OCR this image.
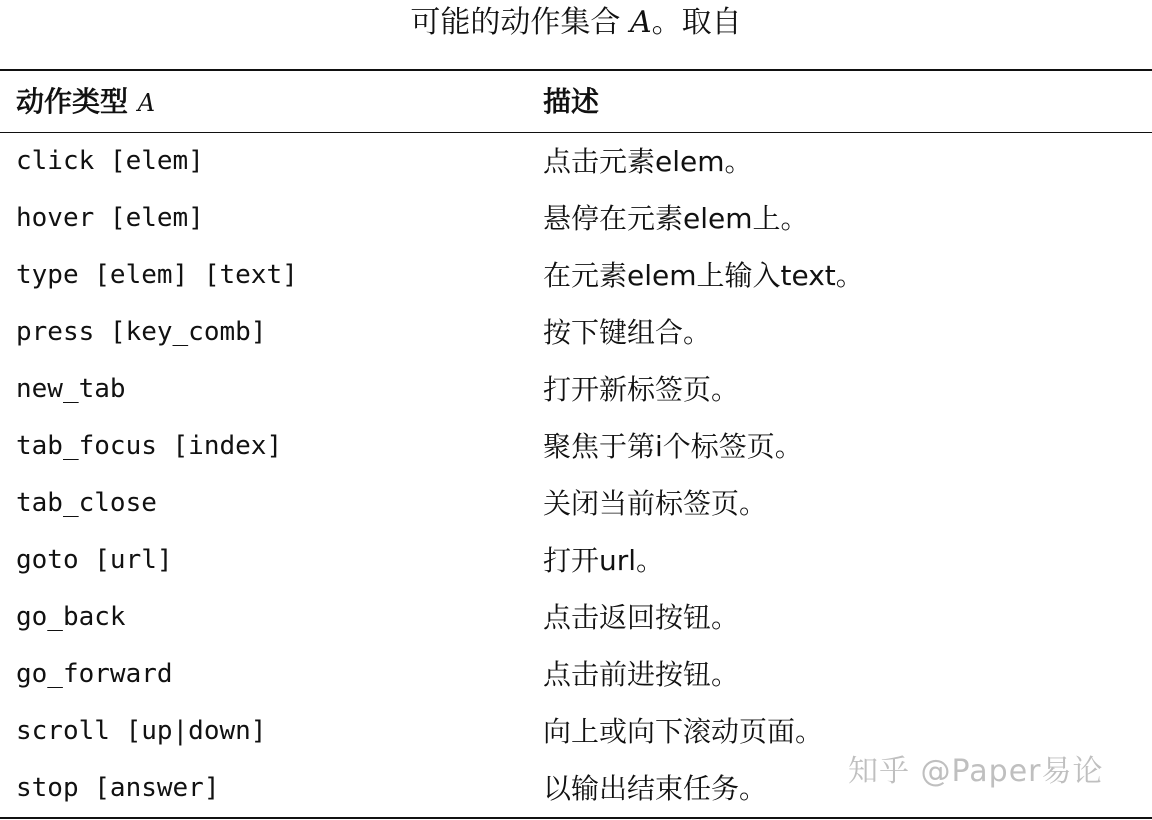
可能的动作集合 A。取自
动作类型 A	描述
click [elem]	点击元素elem。
hover [elem]	悬停在元素elem上。
type [elem] [text]	在元素elem上输入text。
press [key_comb]	按下键组合。
new_tab	打开新标签页。
tab_focus [index]	聚焦于第i个标签页。
tab_close	关闭当前标签页。
goto [url]	打开url。
go_back	点击返回按钮。
go_forward	点击前进按钮。
scroll [up|down]	向上或向下滚动页面。
stop [answer]	以输出结束任务。	知乎 @Paper易论
